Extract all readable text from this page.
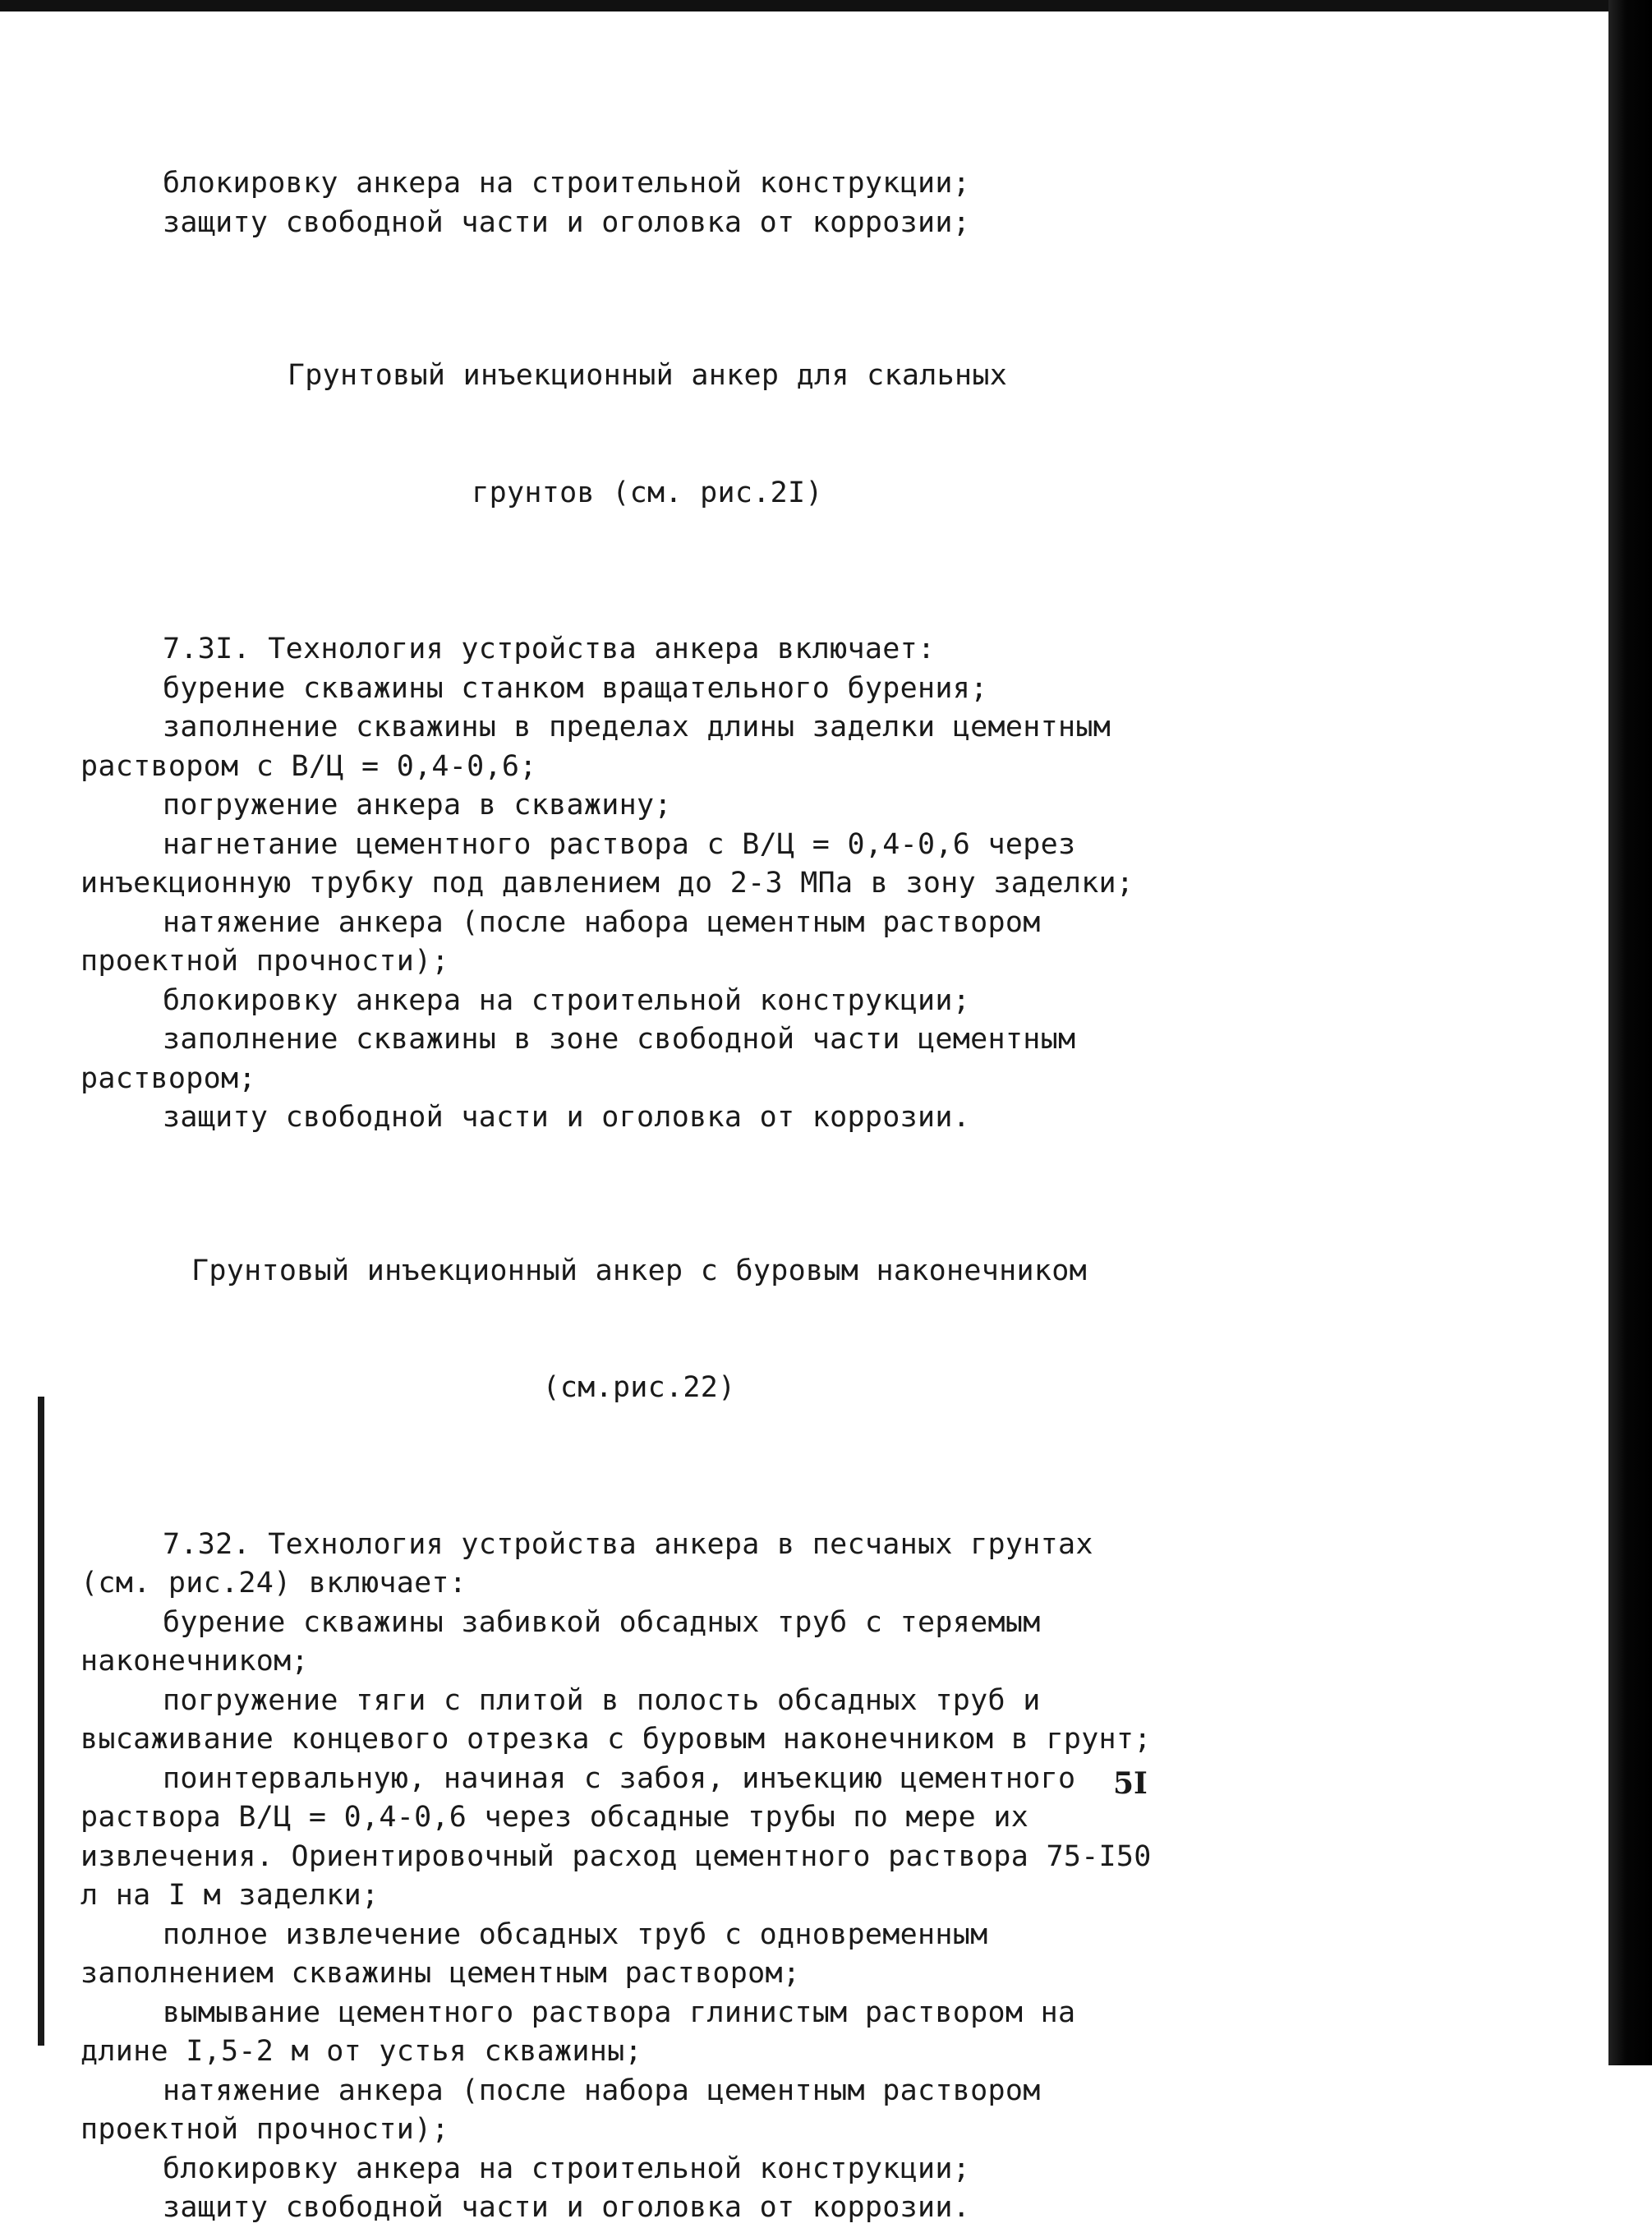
блокировку анкера на строительной конструкции;

защиту свободной части и оголовка от коррозии;

Грунтовый инъекционный анкер для скальных

грунтов (см. рис.2I)

7.3I. Технология устройства анкера включает:

бурение скважины станком вращательного бурения;

заполнение скважины в пределах длины заделки цементным раствором с В/Ц = 0,4-0,6;

погружение анкера в скважину;

нагнетание цементного раствора с В/Ц = 0,4-0,6 через инъекционную трубку под давлением до 2-3 МПа в зону заделки;

натяжение анкера (после набора цементным раствором проектной прочности);

блокировку анкера на строительной конструкции;

заполнение скважины в зоне свободной части цементным раствором;

защиту свободной части и оголовка от коррозии.

Грунтовый инъекционный анкер с буровым наконечником

(см.рис.22)

7.32. Технология устройства анкера в песчаных грунтах (см. рис.24) включает:

бурение скважины забивкой обсадных труб с теряемым наконечником;

погружение тяги с плитой в полость обсадных труб и высаживание концевого отрезка с буровым наконечником в грунт;

поинтервальную, начиная с забоя, инъекцию цементного раствора В/Ц = 0,4-0,6 через обсадные трубы по мере их извлечения. Ориентировочный расход цементного раствора 75-I50 л на I м заделки;

полное извлечение обсадных труб с одновременным заполнением скважины цементным раствором;

вымывание цементного раствора глинистым раствором на длине I,5-2 м от устья скважины;

натяжение анкера (после набора цементным раствором проектной прочности);

блокировку анкера на строительной конструкции;

защиту свободной части и оголовка от коррозии.

5I
